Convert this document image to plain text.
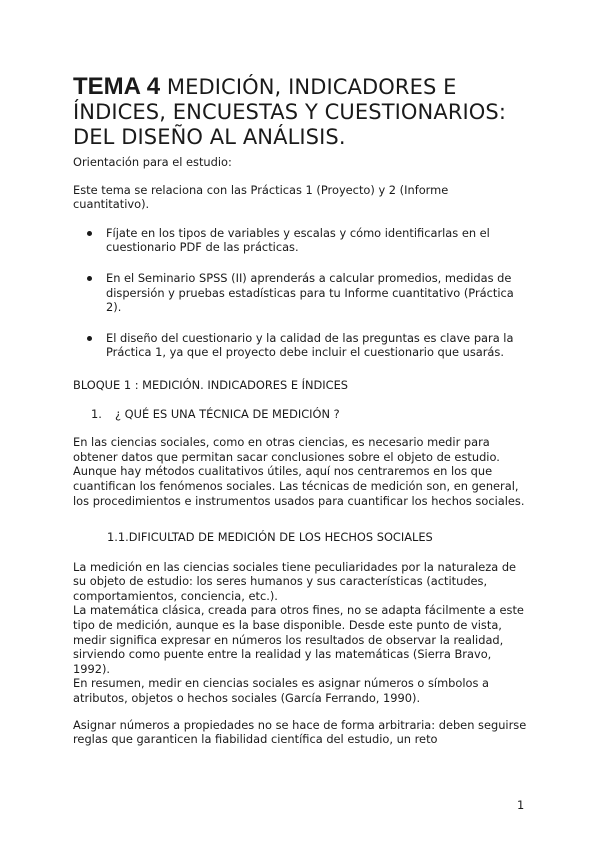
TEMA 4 MEDICIÓN, INDICADORES E ÍNDICES, ENCUESTAS Y CUESTIONARIOS: DEL DISEÑO AL ANÁLISIS.

Orientación para el estudio:

Este tema se relaciona con las Prácticas 1 (Proyecto) y 2 (Informe cuantitativo).

Fíjate en los tipos de variables y escalas y cómo identificarlas en el cuestionario PDF de las prácticas.
En el Seminario SPSS (II) aprenderás a calcular promedios, medidas de dispersión y pruebas estadísticas para tu Informe cuantitativo (Práctica 2).
El diseño del cuestionario y la calidad de las preguntas es clave para la Práctica 1, ya que el proyecto debe incluir el cuestionario que usarás.

BLOQUE 1 : MEDICIÓN. INDICADORES E ÍNDICES

1. ¿ QUÉ ES UNA TÉCNICA DE MEDICIÓN ?

En las ciencias sociales, como en otras ciencias, es necesario medir para obtener datos que permitan sacar conclusiones sobre el objeto de estudio. Aunque hay métodos cualitativos útiles, aquí nos centraremos en los que cuantifican los fenómenos sociales. Las técnicas de medición son, en general, los procedimientos e instrumentos usados para cuantificar los hechos sociales.

1.1.DIFICULTAD DE MEDICIÓN DE LOS HECHOS SOCIALES

La medición en las ciencias sociales tiene peculiaridades por la naturaleza de su objeto de estudio: los seres humanos y sus características (actitudes, comportamientos, conciencia, etc.).
La matemática clásica, creada para otros fines, no se adapta fácilmente a este tipo de medición, aunque es la base disponible. Desde este punto de vista, medir significa expresar en números los resultados de observar la realidad, sirviendo como puente entre la realidad y las matemáticas (Sierra Bravo, 1992).
En resumen, medir en ciencias sociales es asignar números o símbolos a atributos, objetos o hechos sociales (García Ferrando, 1990).

Asignar números a propiedades no se hace de forma arbitraria: deben seguirse reglas que garanticen la fiabilidad científica del estudio, un reto

1
